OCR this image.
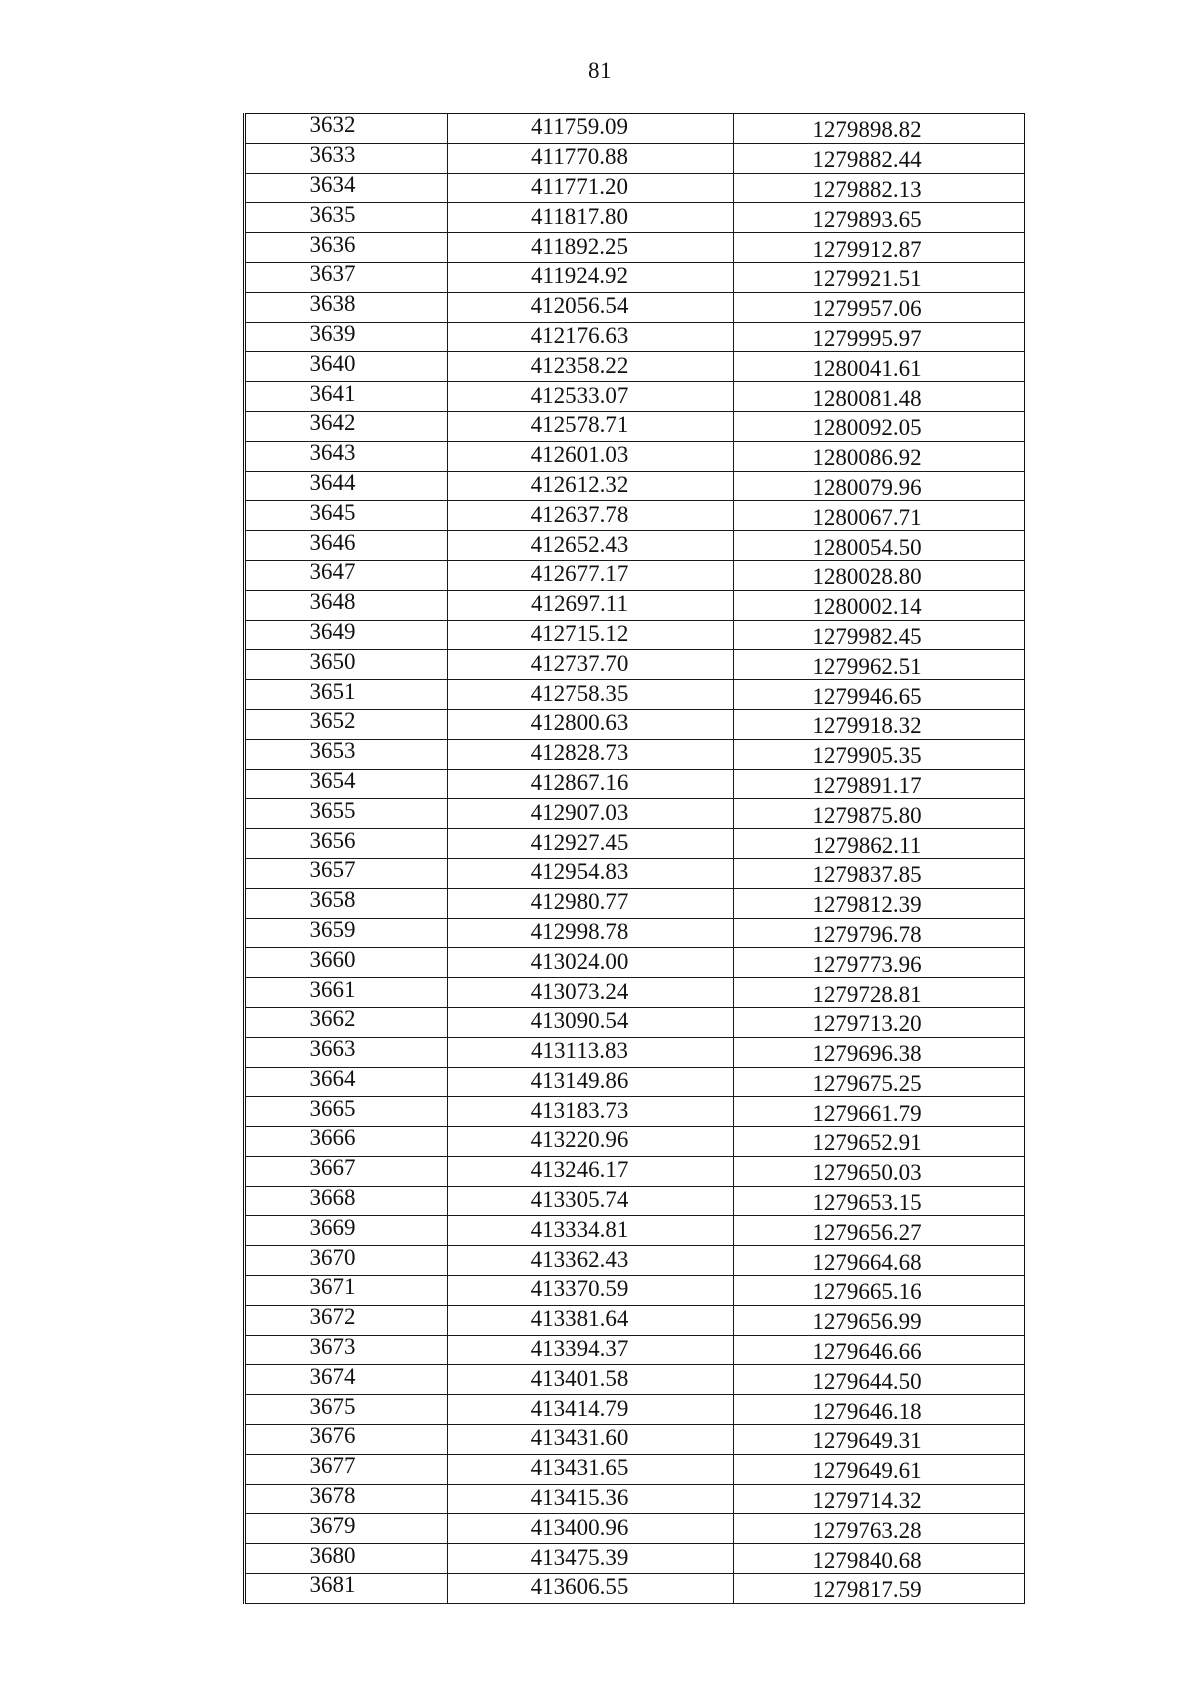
81
3632	411759.09	1279898.82
3633	411770.88	1279882.44
3634	411771.20	1279882.13
3635	411817.80	1279893.65
3636	411892.25	1279912.87
3637	411924.92	1279921.51
3638	412056.54	1279957.06
3639	412176.63	1279995.97
3640	412358.22	1280041.61
3641	412533.07	1280081.48
3642	412578.71	1280092.05
3643	412601.03	1280086.92
3644	412612.32	1280079.96
3645	412637.78	1280067.71
3646	412652.43	1280054.50
3647	412677.17	1280028.80
3648	412697.11	1280002.14
3649	412715.12	1279982.45
3650	412737.70	1279962.51
3651	412758.35	1279946.65
3652	412800.63	1279918.32
3653	412828.73	1279905.35
3654	412867.16	1279891.17
3655	412907.03	1279875.80
3656	412927.45	1279862.11
3657	412954.83	1279837.85
3658	412980.77	1279812.39
3659	412998.78	1279796.78
3660	413024.00	1279773.96
3661	413073.24	1279728.81
3662	413090.54	1279713.20
3663	413113.83	1279696.38
3664	413149.86	1279675.25
3665	413183.73	1279661.79
3666	413220.96	1279652.91
3667	413246.17	1279650.03
3668	413305.74	1279653.15
3669	413334.81	1279656.27
3670	413362.43	1279664.68
3671	413370.59	1279665.16
3672	413381.64	1279656.99
3673	413394.37	1279646.66
3674	413401.58	1279644.50
3675	413414.79	1279646.18
3676	413431.60	1279649.31
3677	413431.65	1279649.61
3678	413415.36	1279714.32
3679	413400.96	1279763.28
3680	413475.39	1279840.68
3681	413606.55	1279817.59
